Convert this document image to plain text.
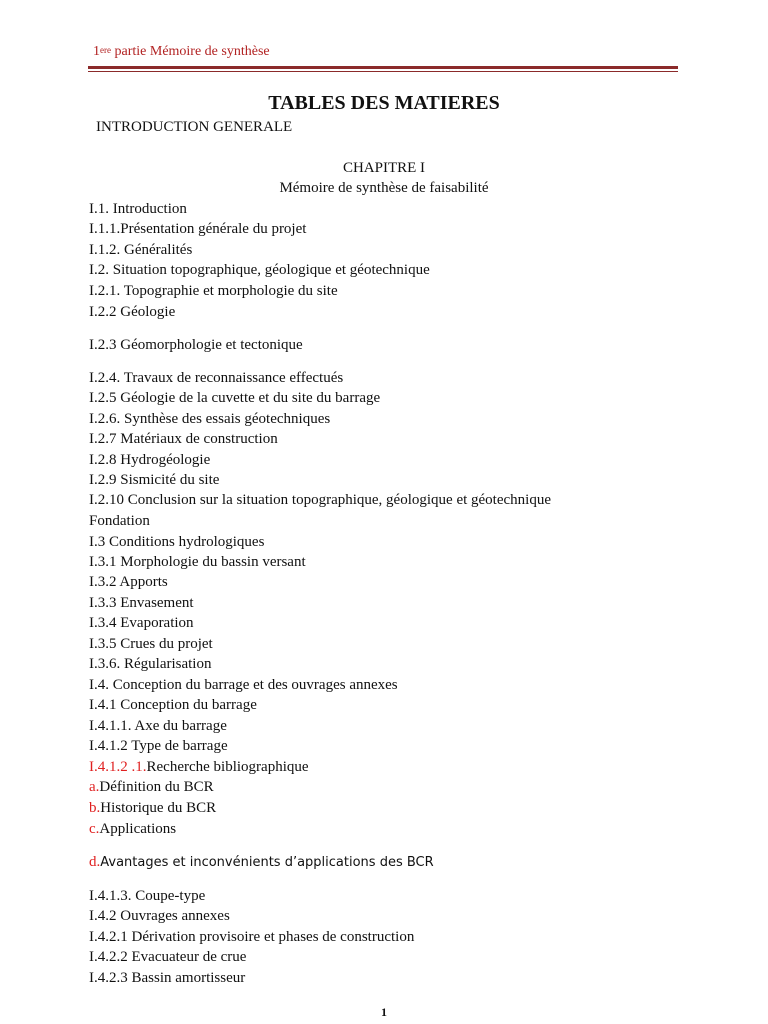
1ere partie Mémoire de synthèse
TABLES DES MATIERES
INTRODUCTION GENERALE
CHAPITRE I
Mémoire de synthèse de faisabilité
I.1. Introduction
I.1.1.Présentation générale du projet
I.1.2. Généralités
I.2. Situation topographique, géologique et géotechnique
I.2.1. Topographie et morphologie du site
I.2.2 Géologie
I.2.3 Géomorphologie et tectonique
I.2.4. Travaux de reconnaissance effectués
I.2.5 Géologie de la cuvette et du site du barrage
I.2.6. Synthèse des essais géotechniques
I.2.7 Matériaux de construction
I.2.8 Hydrogéologie
I.2.9 Sismicité du site
I.2.10 Conclusion sur la situation topographique, géologique et géotechnique
Fondation
I.3 Conditions hydrologiques
I.3.1 Morphologie du bassin versant
I.3.2 Apports
I.3.3 Envasement
I.3.4 Evaporation
I.3.5 Crues du projet
I.3.6. Régularisation
I.4. Conception du barrage et des ouvrages annexes
I.4.1 Conception du barrage
I.4.1.1. Axe du barrage
I.4.1.2 Type de barrage
I.4.1.2 .1.Recherche bibliographique
a.Définition du BCR
b.Historique du BCR
c.Applications
d.Avantages et inconvénients d’applications des BCR
I.4.1.3. Coupe-type
I.4.2 Ouvrages annexes
I.4.2.1 Dérivation provisoire et phases de construction
I.4.2.2 Evacuateur de crue
I.4.2.3 Bassin amortisseur
1
